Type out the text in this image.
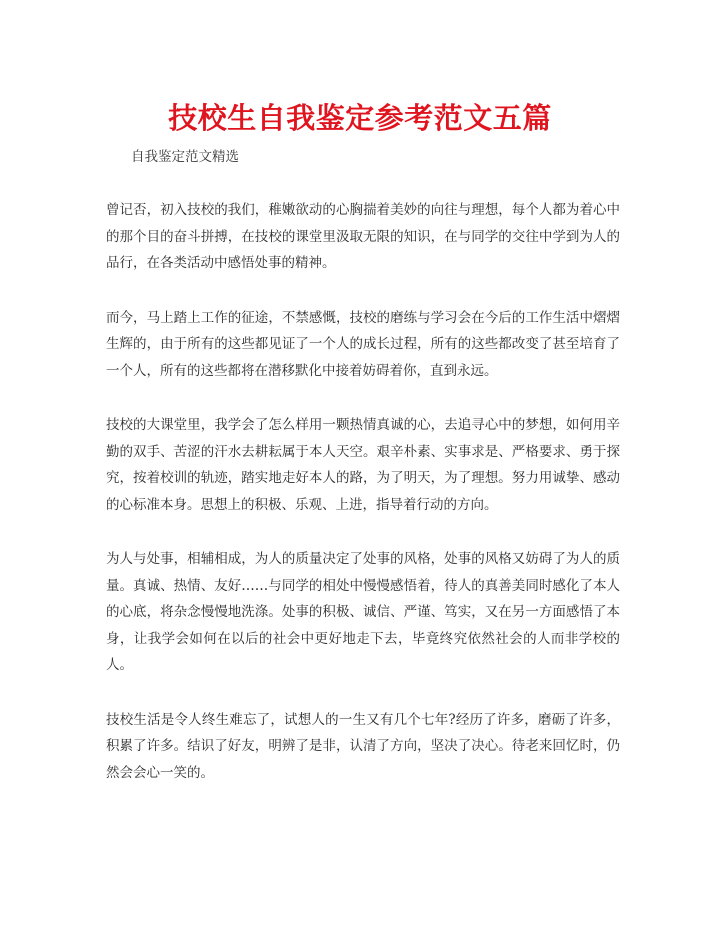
技校生自我鉴定参考范文五篇
自我鉴定范文精选

曾记否，初入技校的我们，稚嫩欲动的心胸揣着美妙的向往与理想，每个人都为着心中的那个目的奋斗拼搏，在技校的课堂里汲取无限的知识，在与同学的交往中学到为人的品行，在各类活动中感悟处事的精神。

而今，马上踏上工作的征途，不禁感慨，技校的磨练与学习会在今后的工作生活中熠熠生辉的，由于所有的这些都见证了一个人的成长过程，所有的这些都改变了甚至培育了一个人，所有的这些都将在潜移默化中接着妨碍着你，直到永远。

技校的大课堂里，我学会了怎么样用一颗热情真诚的心，去追寻心中的梦想，如何用辛勤的双手、苦涩的汗水去耕耘属于本人天空。艰辛朴素、实事求是、严格要求、勇于探究，按着校训的轨迹，踏实地走好本人的路，为了明天，为了理想。努力用诚挚、感动的心标准本身。思想上的积极、乐观、上进，指导着行动的方向。

为人与处事，相辅相成，为人的质量决定了处事的风格，处事的风格又妨碍了为人的质量。真诚、热情、友好……与同学的相处中慢慢感悟着，待人的真善美同时感化了本人的心底，将杂念慢慢地洗涤。处事的积极、诚信、严谨、笃实，又在另一方面感悟了本身，让我学会如何在以后的社会中更好地走下去，毕竟终究依然社会的人而非学校的人。

技校生活是令人终生难忘了，试想人的一生又有几个七年?经历了许多，磨砺了许多，积累了许多。结识了好友，明辨了是非，认清了方向，坚决了决心。待老来回忆时，仍然会会心一笑的。
